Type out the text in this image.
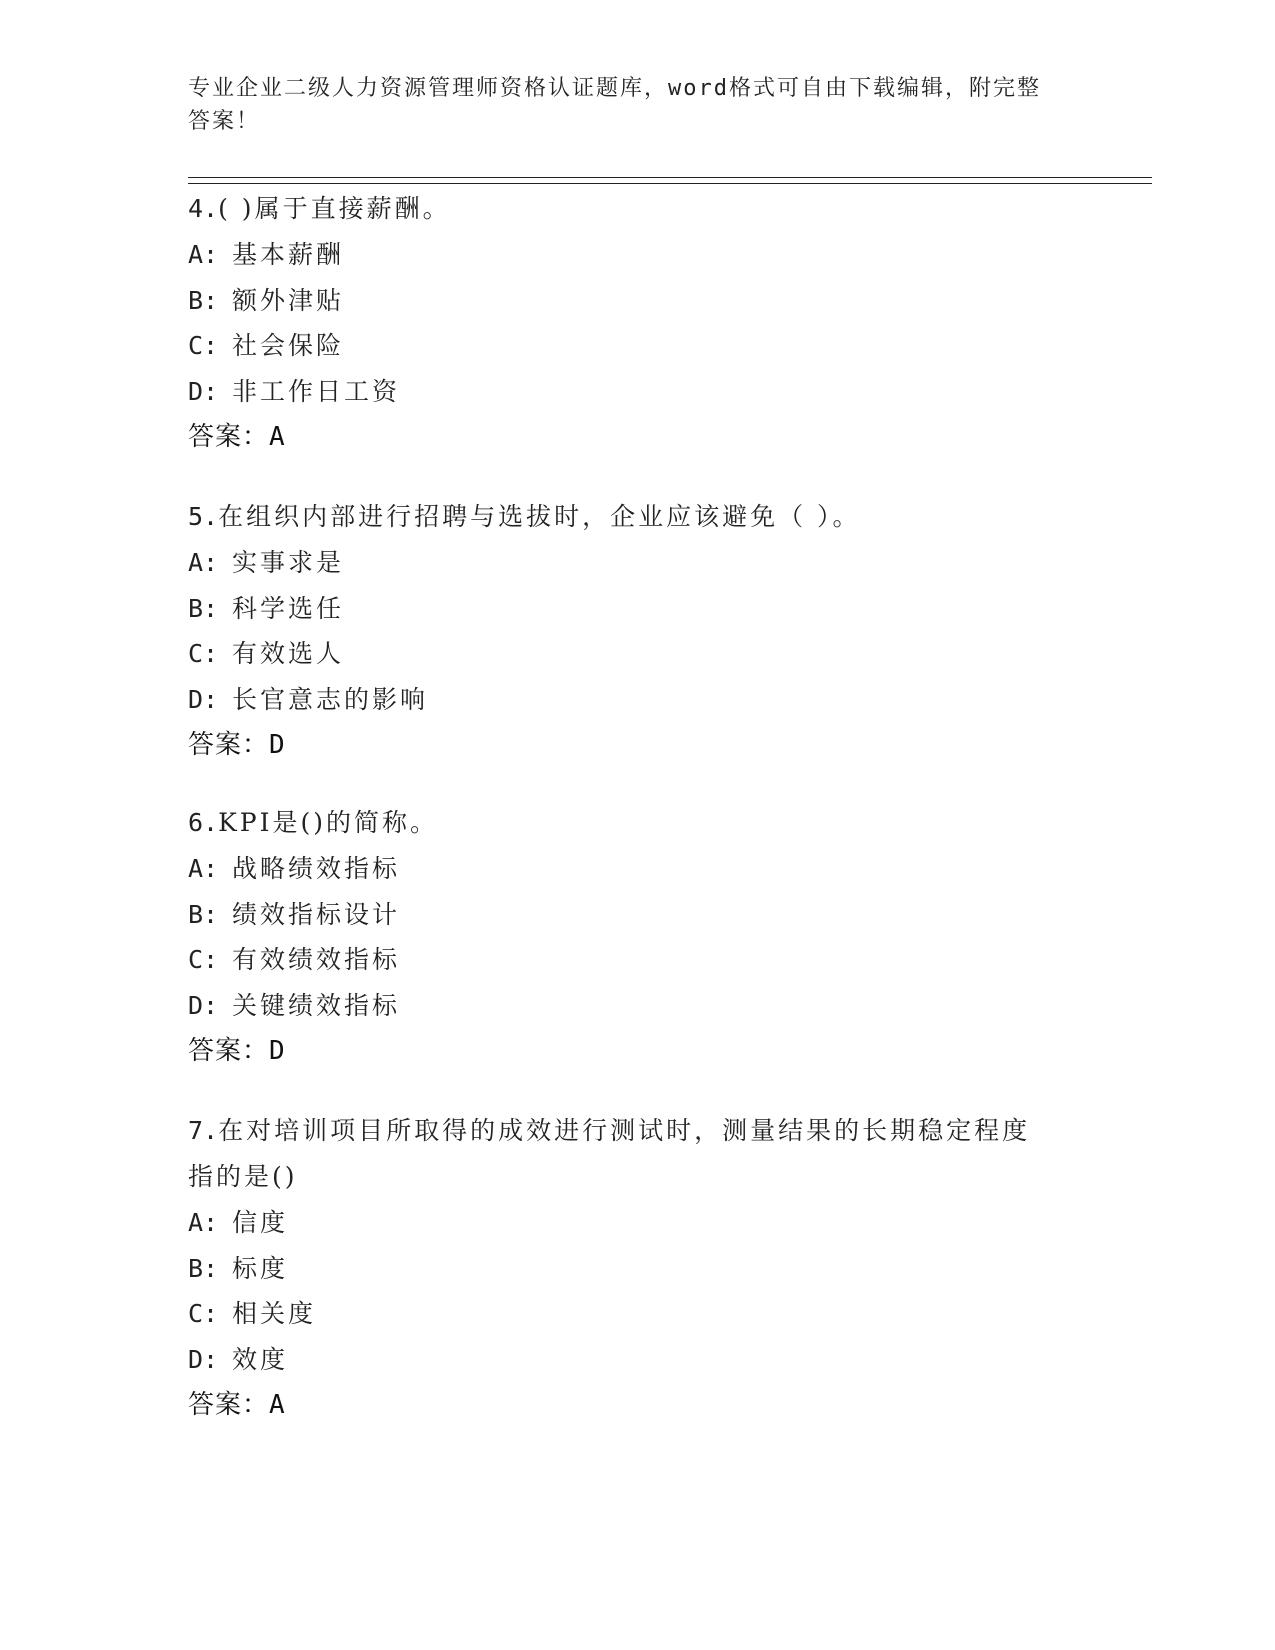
专业企业二级人力资源管理师资格认证题库，word格式可自由下载编辑，附完整
答案！
4.( )属于直接薪酬。
A: 基本薪酬
B: 额外津贴
C: 社会保险
D: 非工作日工资
答案：A
5.在组织内部进行招聘与选拔时，企业应该避免（ ）。
A: 实事求是
B: 科学选任
C: 有效选人
D: 长官意志的影响
答案：D
6.KPI是()的简称。
A: 战略绩效指标
B: 绩效指标设计
C: 有效绩效指标
D: 关键绩效指标
答案：D
7.在对培训项目所取得的成效进行测试时，测量结果的长期稳定程度
指的是()
A: 信度
B: 标度
C: 相关度
D: 效度
答案：A
